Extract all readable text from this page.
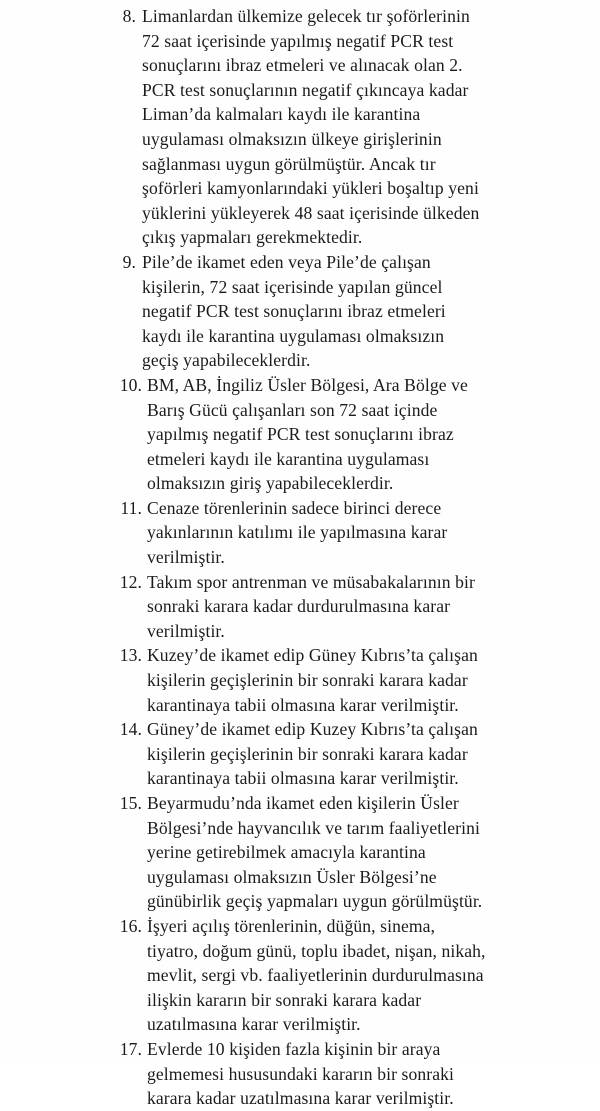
8. Limanlardan ülkemize gelecek tır şoförlerinin
72 saat içerisinde yapılmış negatif PCR test
sonuçlarını ibraz etmeleri ve alınacak olan 2.
PCR test sonuçlarının negatif çıkıncaya kadar
Liman’da kalmaları kaydı ile karantina
uygulaması olmaksızın ülkeye girişlerinin
sağlanması uygun görülmüştür. Ancak tır
şoförleri kamyonlarındaki yükleri boşaltıp yeni
yüklerini yükleyerek 48 saat içerisinde ülkeden
çıkış yapmaları gerekmektedir.
9. Pile’de ikamet eden veya Pile’de çalışan
kişilerin, 72 saat içerisinde yapılan güncel
negatif PCR test sonuçlarını ibraz etmeleri
kaydı ile karantina uygulaması olmaksızın
geçiş yapabileceklerdir.
10. BM, AB, İngiliz Üsler Bölgesi, Ara Bölge ve
Barış Gücü çalışanları son 72 saat içinde
yapılmış negatif PCR test sonuçlarını ibraz
etmeleri kaydı ile karantina uygulaması
olmaksızın giriş yapabileceklerdir.
11. Cenaze törenlerinin sadece birinci derece
yakınlarının katılımı ile yapılmasına karar
verilmiştir.
12. Takım spor antrenman ve müsabakalarının bir
sonraki karara kadar durdurulmasına karar
verilmiştir.
13. Kuzey’de ikamet edip Güney Kıbrıs’ta çalışan
kişilerin geçişlerinin bir sonraki karara kadar
karantinaya tabii olmasına karar verilmiştir.
14. Güney’de ikamet edip Kuzey Kıbrıs’ta çalışan
kişilerin geçişlerinin bir sonraki karara kadar
karantinaya tabii olmasına karar verilmiştir.
15. Beyarmudu’nda ikamet eden kişilerin Üsler
Bölgesi’nde hayvancılık ve tarım faaliyetlerini
yerine getirebilmek amacıyla karantina
uygulaması olmaksızın Üsler Bölgesi’ne
günübirlik geçiş yapmaları uygun görülmüştür.
16. İşyeri açılış törenlerinin, düğün, sinema,
tiyatro, doğum günü, toplu ibadet, nişan, nikah,
mevlit, sergi vb. faaliyetlerinin durdurulmasına
ilişkin kararın bir sonraki karara kadar
uzatılmasına karar verilmiştir.
17. Evlerde 10 kişiden fazla kişinin bir araya
gelmemesi hususundaki kararın bir sonraki
karara kadar uzatılmasına karar verilmiştir.
